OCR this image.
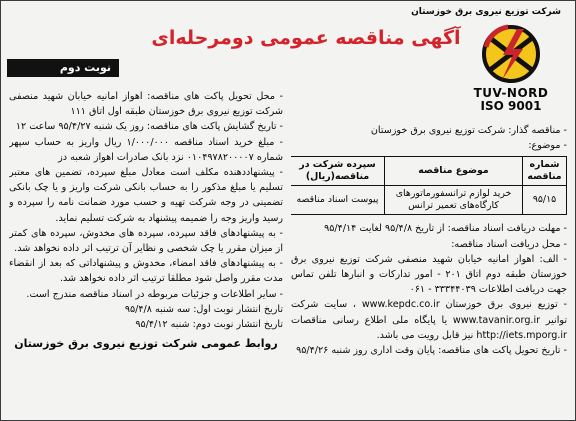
شرکت توزیع نیروی برق خوزستان
TUV-NORD
ISO 9001
آگهی مناقصه عمومی دومرحله‌ای
نوبت دوم

- مناقصه گذار: شرکت توزیع نیروی برق خوزستان

- موضوع:

شماره مناقصه	موضوع مناقصه	سپرده شرکت در مناقصه(ریال)
۹۵/۱۵	خرید لوازم ترانسفورماتورهای کارگاه‌های تعمیر ترانس	پیوست اسناد مناقصه

- مهلت دریافت اسناد مناقصه: از تاریخ ۹۵/۴/۸ لغایت ۹۵/۴/۱۴

- محل دریافت اسناد مناقصه:

- الف: اهواز امانیه خیابان شهید منصفی شرکت توزیع نیروی برق خوزستان طبقه دوم اتاق ۲۰۱ - امور تدارکات و انبارها تلفن تماس جهت دریافت اطلاعات ۳۳۳۴۴۰۳۹ - ۰۶۱

- توزیع نیروی برق خوزستان www.kepdc.co.ir ، سایت شرکت توانیر www.tavanir.org.ir یا پایگاه ملی اطلاع رسانی مناقصات http://iets.mporg.ir نیز قابل رویت می باشد.

- تاریخ تحویل پاکت های مناقصه: پایان وقت اداری روز شنبه ۹۵/۴/۲۶

- محل تحویل پاکت های مناقصه: اهواز امانیه خیابان شهید منصفی شرکت توزیع نیروی برق خوزستان طبقه اول اتاق ۱۱۱

- تاریخ گشایش پاکت های مناقصه: روز یک شنبه ۹۵/۴/۲۷ ساعت ۱۲

- مبلغ خرید اسناد مناقصه ۱/۰۰۰/۰۰۰ ریال واریز به حساب سپهر شماره ۰۱۰۴۹۷۸۲۰۰۰۰۷ نزد بانک صادرات اهواز شعبه دز

- پیشنهاددهنده مکلف است معادل مبلغ سپرده، تضمین های معتبر تسلیم یا مبلغ مذکور را به حساب بانکی شرکت واریز و یا چک بانکی تضمینی در وجه شرکت تهیه و حسب مورد ضمانت نامه را سپرده و رسید واریز وجه را ضمیمه پیشنهاد به شرکت تسلیم نماید.

- به پیشنهادهای فاقد سپرده، سپرده های مخدوش، سپرده های کمتر از میزان مقرر یا چک شخصی و نظایر آن ترتیب اثر داده نخواهد شد.

- به پیشنهادهای فاقد امضاء، مخدوش و پیشنهاداتی که بعد از انقضاء مدت مقرر واصل شود مطلقا ترتیب اثر داده نخواهد شد.

- سایر اطلاعات و جزئیات مربوطه در اسناد مناقصه مندرج است.

تاریخ انتشار نوبت اول: سه شنبه ۹۵/۴/۸

تاریخ انتشار نوبت دوم: شنبه ۹۵/۴/۱۲

روابط عمومی شرکت توزیع نیروی برق خوزستان
